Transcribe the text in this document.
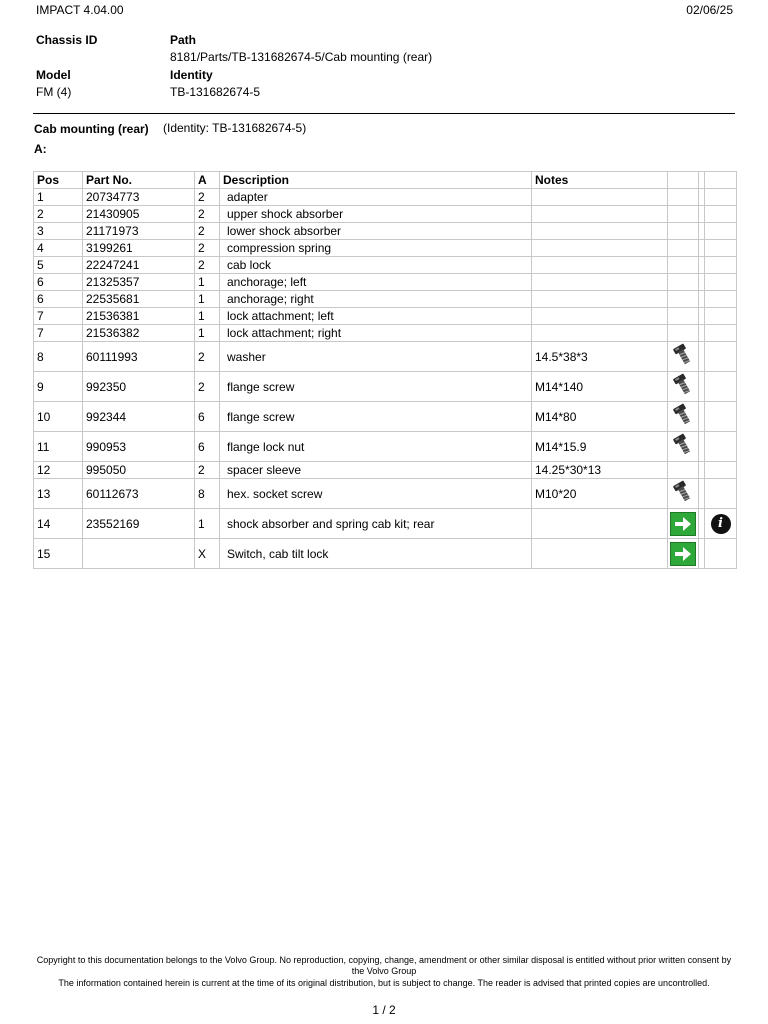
IMPACT 4.04.00	02/06/25
Chassis ID	Path
8181/Parts/TB-131682674-5/Cab mounting (rear)
Model	Identity
FM (4)	TB-131682674-5
Cab mounting (rear) (Identity: TB-131682674-5)
A:
Pos	Part No.	A	Description	Notes			
1	20734773	2	adapter				
2	21430905	2	upper shock absorber				
3	21171973	2	lower shock absorber				
4	3199261	2	compression spring				
5	22247241	2	cab lock				
6	21325357	1	anchorage; left				
6	22535681	1	anchorage; right				
7	21536381	1	lock attachment; left				
7	21536382	1	lock attachment; right				
8	60111993	2	washer	14.5*38*3			
9	992350	2	flange screw	M14*140			
10	992344	6	flange screw	M14*80			
11	990953	6	flange lock nut	M14*15.9			
12	995050	2	spacer sleeve	14.25*30*13			
13	60112673	8	hex. socket screw	M10*20			
14	23552169	1	shock absorber and spring cab kit; rear				i
15		X	Switch, cab tilt lock		

Copyright to this documentation belongs to the Volvo Group. No reproduction, copying, change, amendment or other similar disposal is entitled without prior written consent by the Volvo Group
The information contained herein is current at the time of its original distribution, but is subject to change. The reader is advised that printed copies are uncontrolled.
1 / 2
